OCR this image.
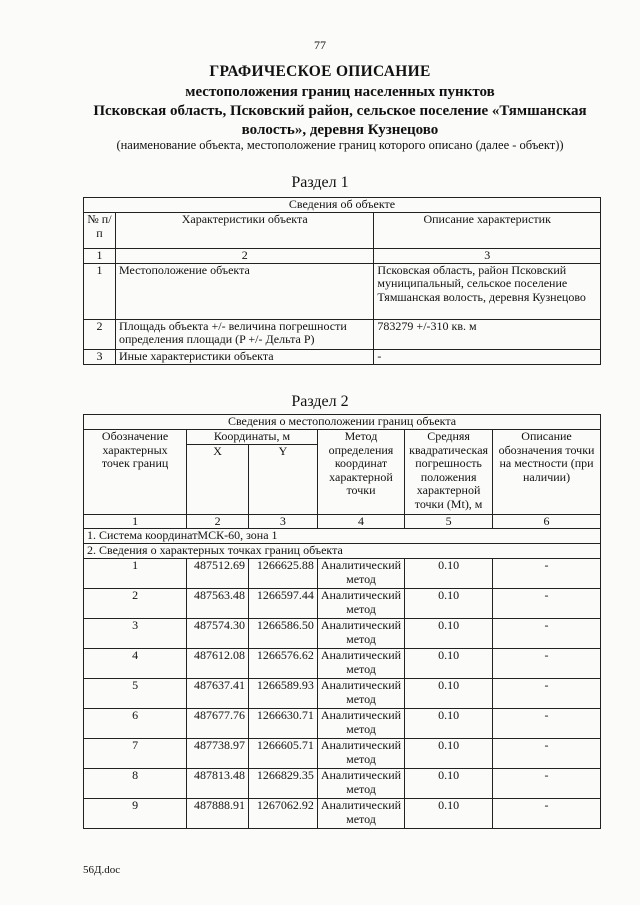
77
ГРАФИЧЕСКОЕ ОПИСАНИЕ
местоположения границ населенных пунктов
Псковская область, Псковский район, сельское поселение «Тямшанская
волость», деревня Кузнецово
(наименование объекта, местоположение границ которого описано (далее - объект))
Раздел 1
Сведения об объекте		
№ п/п	Характеристики объекта	Описание характеристик
1	2	3
1	Местоположение объекта	Псковская область, район Псковский муниципальный, сельское поселение Тямшанская волость, деревня Кузнецово
2	Площадь объекта +/- величина погрешности определения площади (P +/- Дельта P)	783279 +/-310 кв. м
3	Иные характеристики объекта	-
Раздел 2
Сведения о местоположении границ объекта					
Обозначение характерных точек границ	Координаты, м		Метод определения координат характерной точки	Средняя квадратическая погрешность положения характерной точки (Mt), м	Описание обозначения точки на местности (при наличии)
	X	Y			
1	2	3	4	5	6
1. Система координатМСК-60, зона 1					
2. Сведения о характерных точках границ объекта					
1	487512.69	1266625.88	Аналитический метод	0.10	-
2	487563.48	1266597.44	Аналитический метод	0.10	-
3	487574.30	1266586.50	Аналитический метод	0.10	-
4	487612.08	1266576.62	Аналитический метод	0.10	-
5	487637.41	1266589.93	Аналитический метод	0.10	-
6	487677.76	1266630.71	Аналитический метод	0.10	-
7	487738.97	1266605.71	Аналитический метод	0.10	-
8	487813.48	1266829.35	Аналитический метод	0.10	-
9	487888.91	1267062.92	Аналитический метод	0.10	-
56Д.doc
